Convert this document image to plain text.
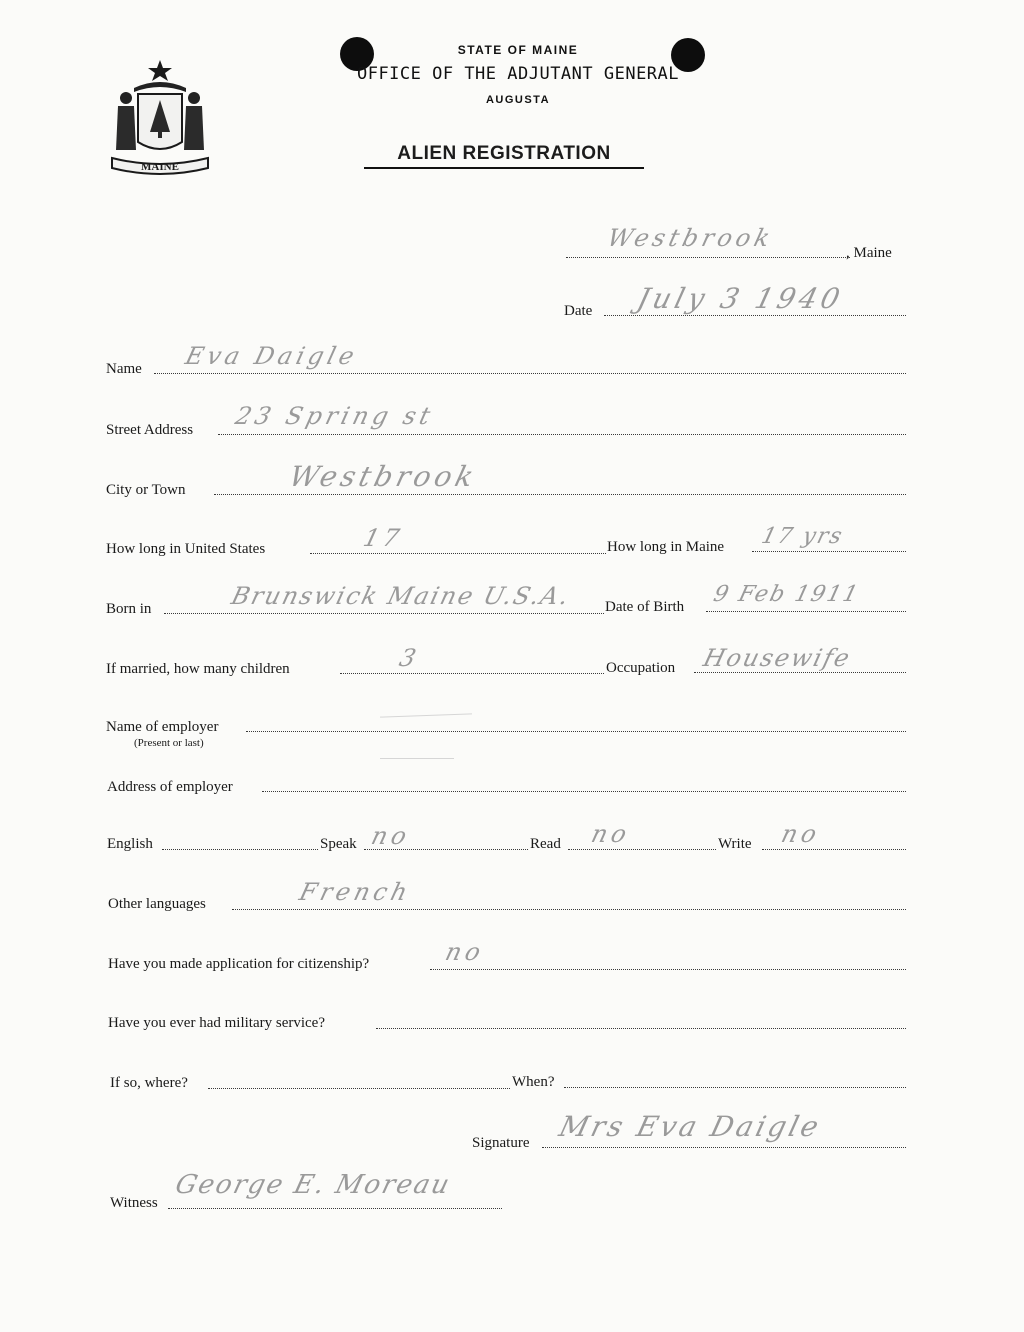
MAINE
STATE OF MAINE
OFFICE OF THE ADJUTANT GENERAL
AUGUSTA
ALIEN REGISTRATION
Westbrook
, Maine
Date July 3 1940
Name Eva Daigle
Street Address 23 Spring st
City or Town	Westbrook
How long in United States	17	How long in Maine 17 yrs
Born in	Brunswick Maine U.S.A. Date of Birth 9 Feb 1911
If married, how many children	3	Occupation Housewife
Name of employer
(Present or last)
Address of employer
English	Speak no	Read no	Write no
Other languages	French
Have you made application for citizenship?	no
Have you ever had military service?
If so, where?	When?
Signature Mrs Eva Daigle
Witness
George E. Moreau
